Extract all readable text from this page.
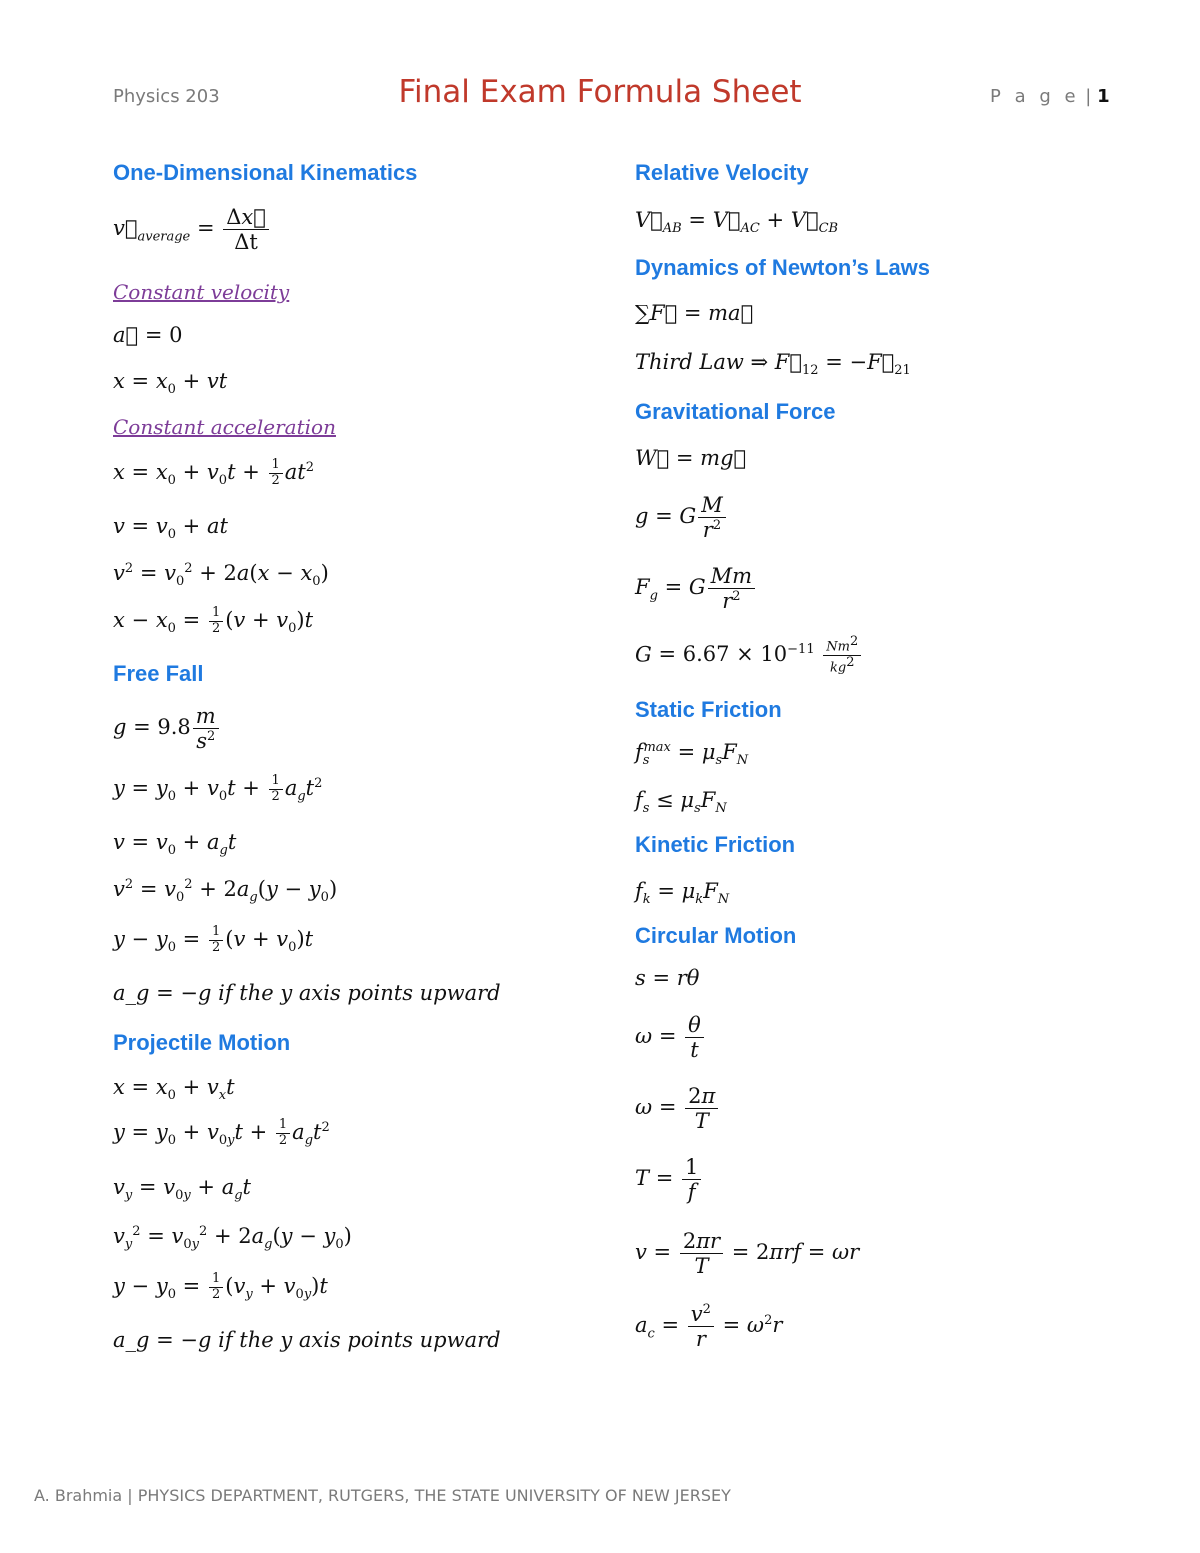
Physics 203	Final Exam Formula Sheet	P a g e | 1
One-Dimensional Kinematics
$v⃗_{average} = \frac{\Delta x⃗}{\Delta t}$
Constant velocity
a⃗ = 0
$x = x_0$ + vt
Constant acceleration
$x = x_0 + v_0t + \frac{1}{2} at^2$
$v = v_0$ + at
$v^2 = v_0^2 + 2a(x - x_0)$
$x - x_0 = \frac{1}{2} (v + v_0)t$
Free Fall
$g = 9.8 \frac{m}{s^2}$
$y = y_0 + v_0t + \frac{1}{2} a_gt^2$
$v = v_0 + a_gt$
$v^2 = v_0^2 + 2a_g(y - y_0)$
$y - y_0 = \frac{1}{2} (v + v_0)t$
a_g = −g if the y axis points upward
Projectile Motion
$x = x_0 + v_xt$
$y = y_0 + v_{0y}t + \frac{1}{2} a_gt^2$
$v_y = v_{0y} + a_gt$
$v_y^2 = v_{0y}^2 + 2a_g(y - y_0)$
$y - y_0 = \frac{1}{2} (v_y + v_{0y})t$
a_g = −g if the y axis points upward
Relative Velocity
$V⃗_{AB}$ = $V⃗_{AC}$ + $V⃗_{CB}$
Dynamics of Newton’s Laws
∑F⃗ = ma⃗
Third Law ⇒ $F⃗_{12}$ = $-F⃗_{21}$
Gravitational Force
W⃗ = mg⃗
g = G $\frac{M}{r^2}$
$F_g = G \frac{Mm}{r^2}$
$G = 6.67 \times 10^{-11} \frac{Nm^2}{kg^2}$
Static Friction
$f_s^{max} = \mu_sF_N$
$f_s \le \mu_sF_N$
Kinetic Friction
$f_k = \mu_kF_N$
Circular Motion
s = rθ
$\omega = \frac{\theta}{t}$
$\omega = \frac{2\pi}{T}$
$T = \frac{1}{f}$
$v = \frac{2\pi r}{T} = 2\pi rf = \omega r$
$a_c = \frac{v^2}{r} = \omega^2r$
A. Brahmia | PHYSICS DEPARTMENT, RUTGERS, THE STATE UNIVERSITY OF NEW JERSEY
